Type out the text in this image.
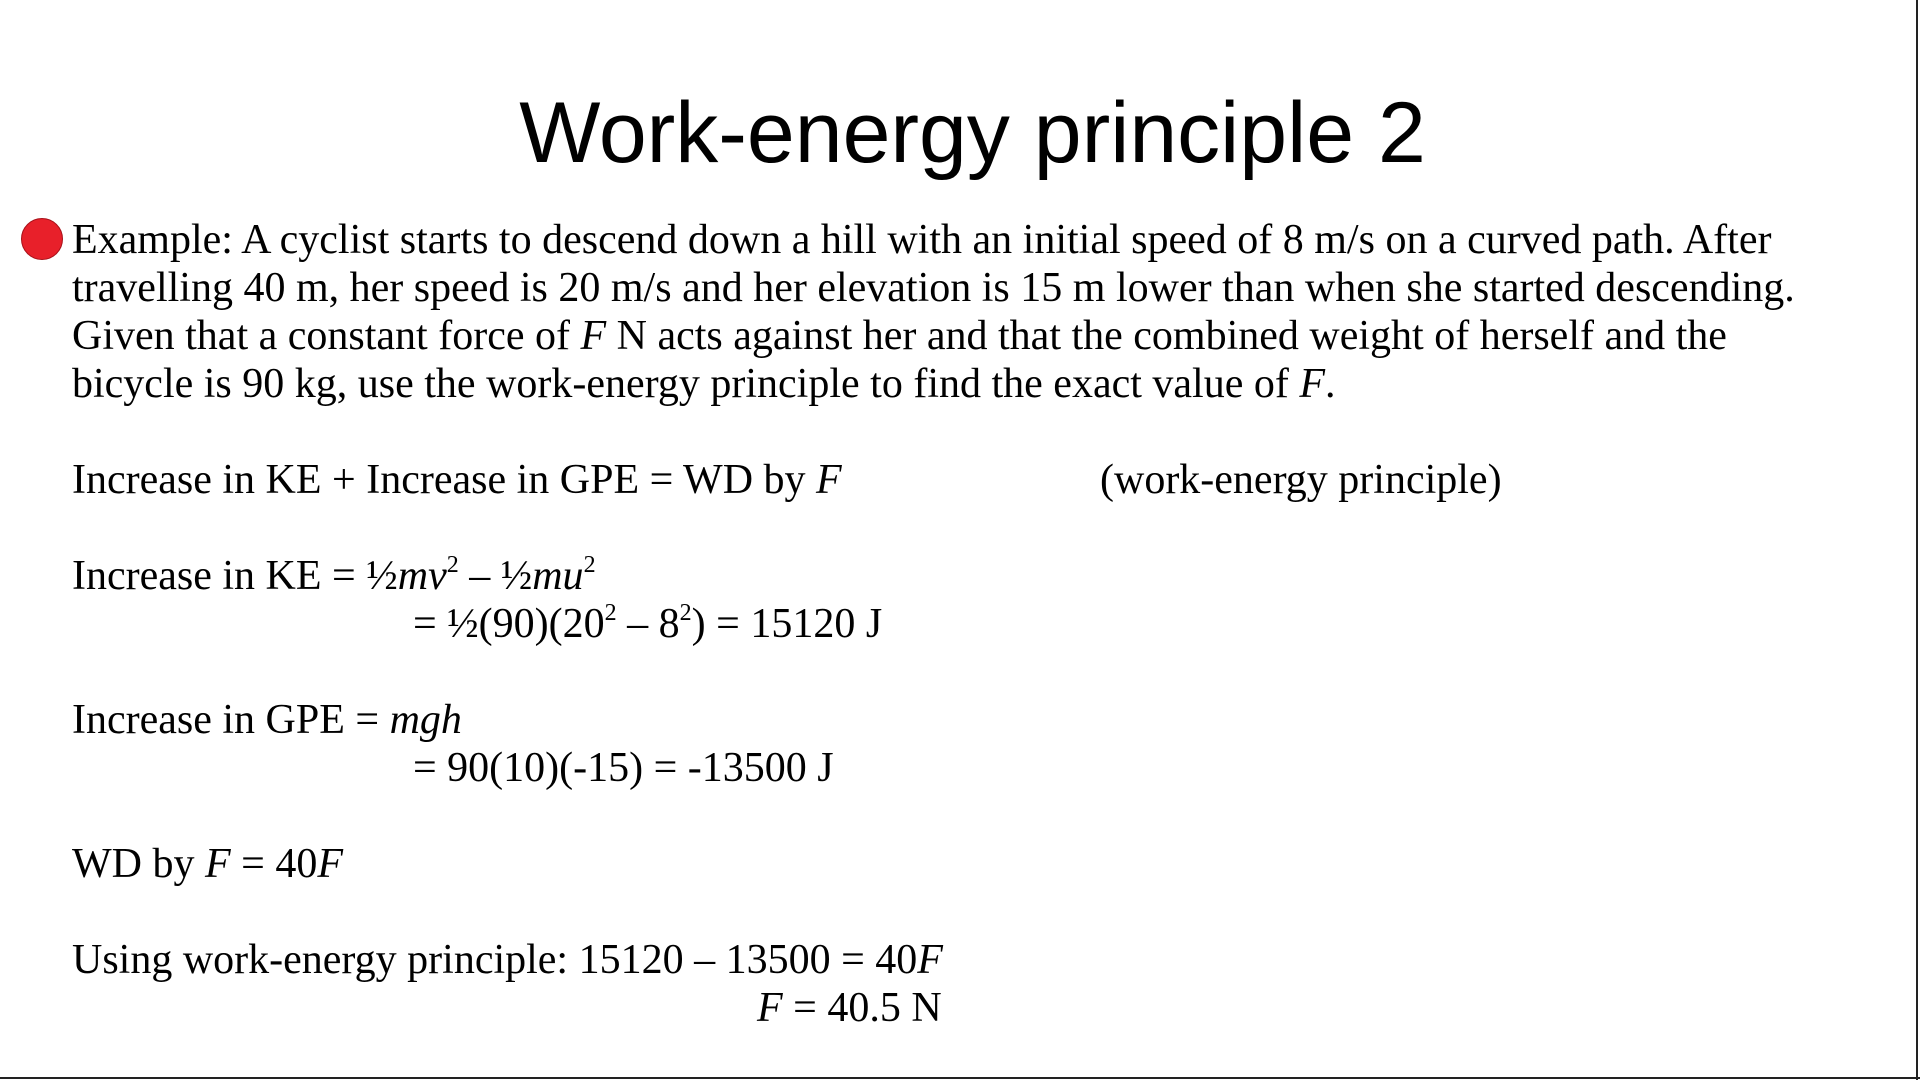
Work-energy principle 2
Example: A cyclist starts to descend down a hill with an initial speed of 8 m/s on a curved path. After
travelling 40 m, her speed is 20 m/s and her elevation is 15 m lower than when she started descending.
Given that a constant force of F N acts against her and that the combined weight of herself and the
bicycle is 90 kg, use the work-energy principle to find the exact value of F.
Increase in KE + Increase in GPE = WD by F	(work-energy principle)
Increase in KE = $\frac{1}{2}mv^2$ – $\frac{1}{2}mu^2$
= $\frac{1}{2}(90)(20^2 - 8^2) = 15120$ J
Increase in GPE = mgh
= 90(10)(-15) = -13500 J
WD by F = 40F
Using work-energy principle: 15120 – 13500 = 40F
F = 40.5 N
